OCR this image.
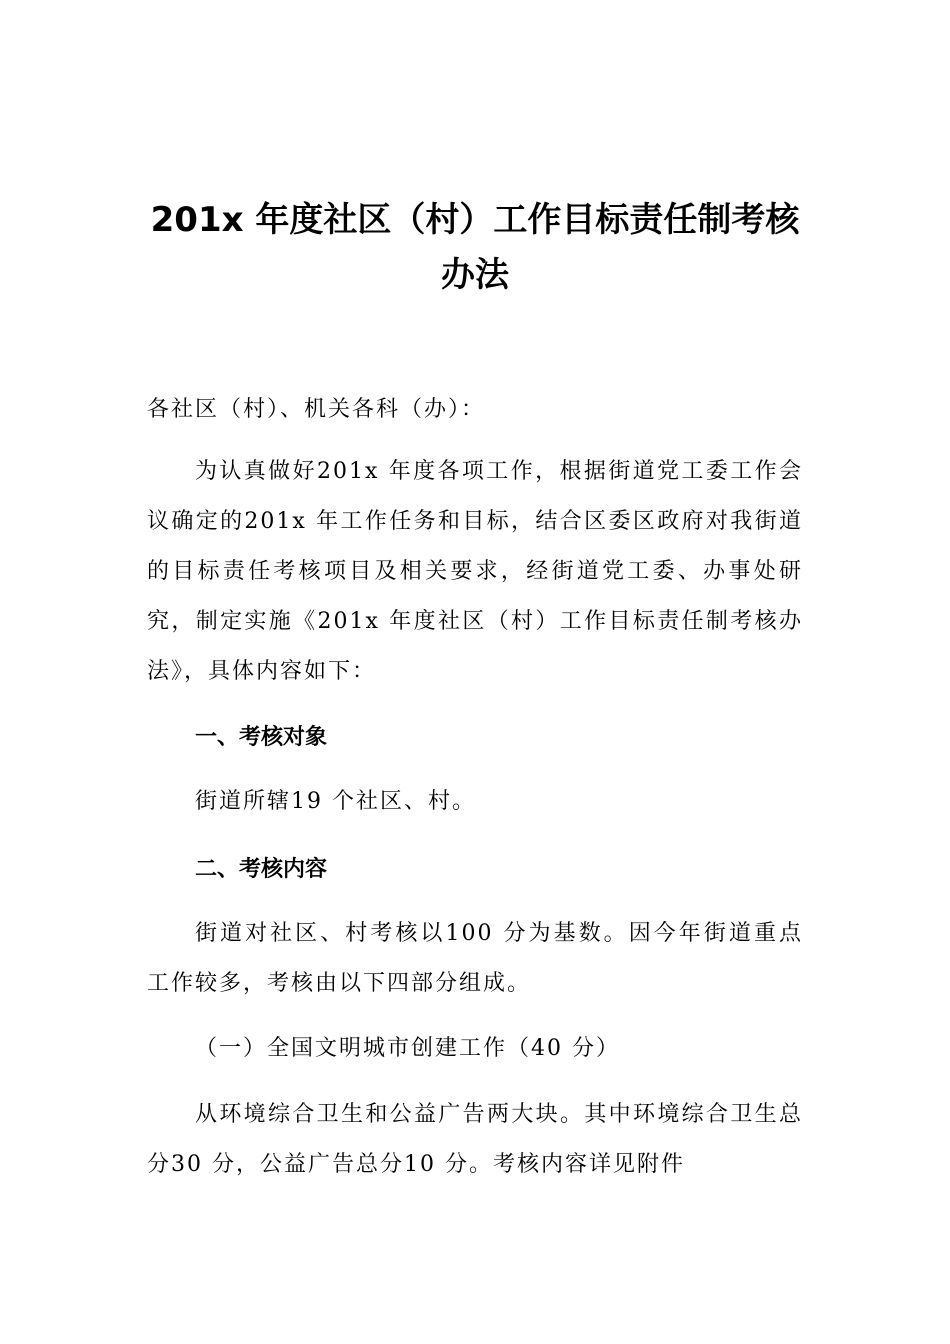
201x 年度社区（村）工作目标责任制考核办法

各社区（村）、机关各科（办）：

为认真做好201x 年度各项工作，根据街道党工委工作会议确定的201x 年工作任务和目标，结合区委区政府对我街道的目标责任考核项目及相关要求，经街道党工委、办事处研究，制定实施《201x 年度社区（村）工作目标责任制考核办法》，具体内容如下：

一、考核对象

街道所辖19 个社区、村。

二、考核内容

街道对社区、村考核以100 分为基数。因今年街道重点工作较多，考核由以下四部分组成。

（一）全国文明城市创建工作（40 分）

从环境综合卫生和公益广告两大块。其中环境综合卫生总分30 分，公益广告总分10 分。考核内容详见附件
